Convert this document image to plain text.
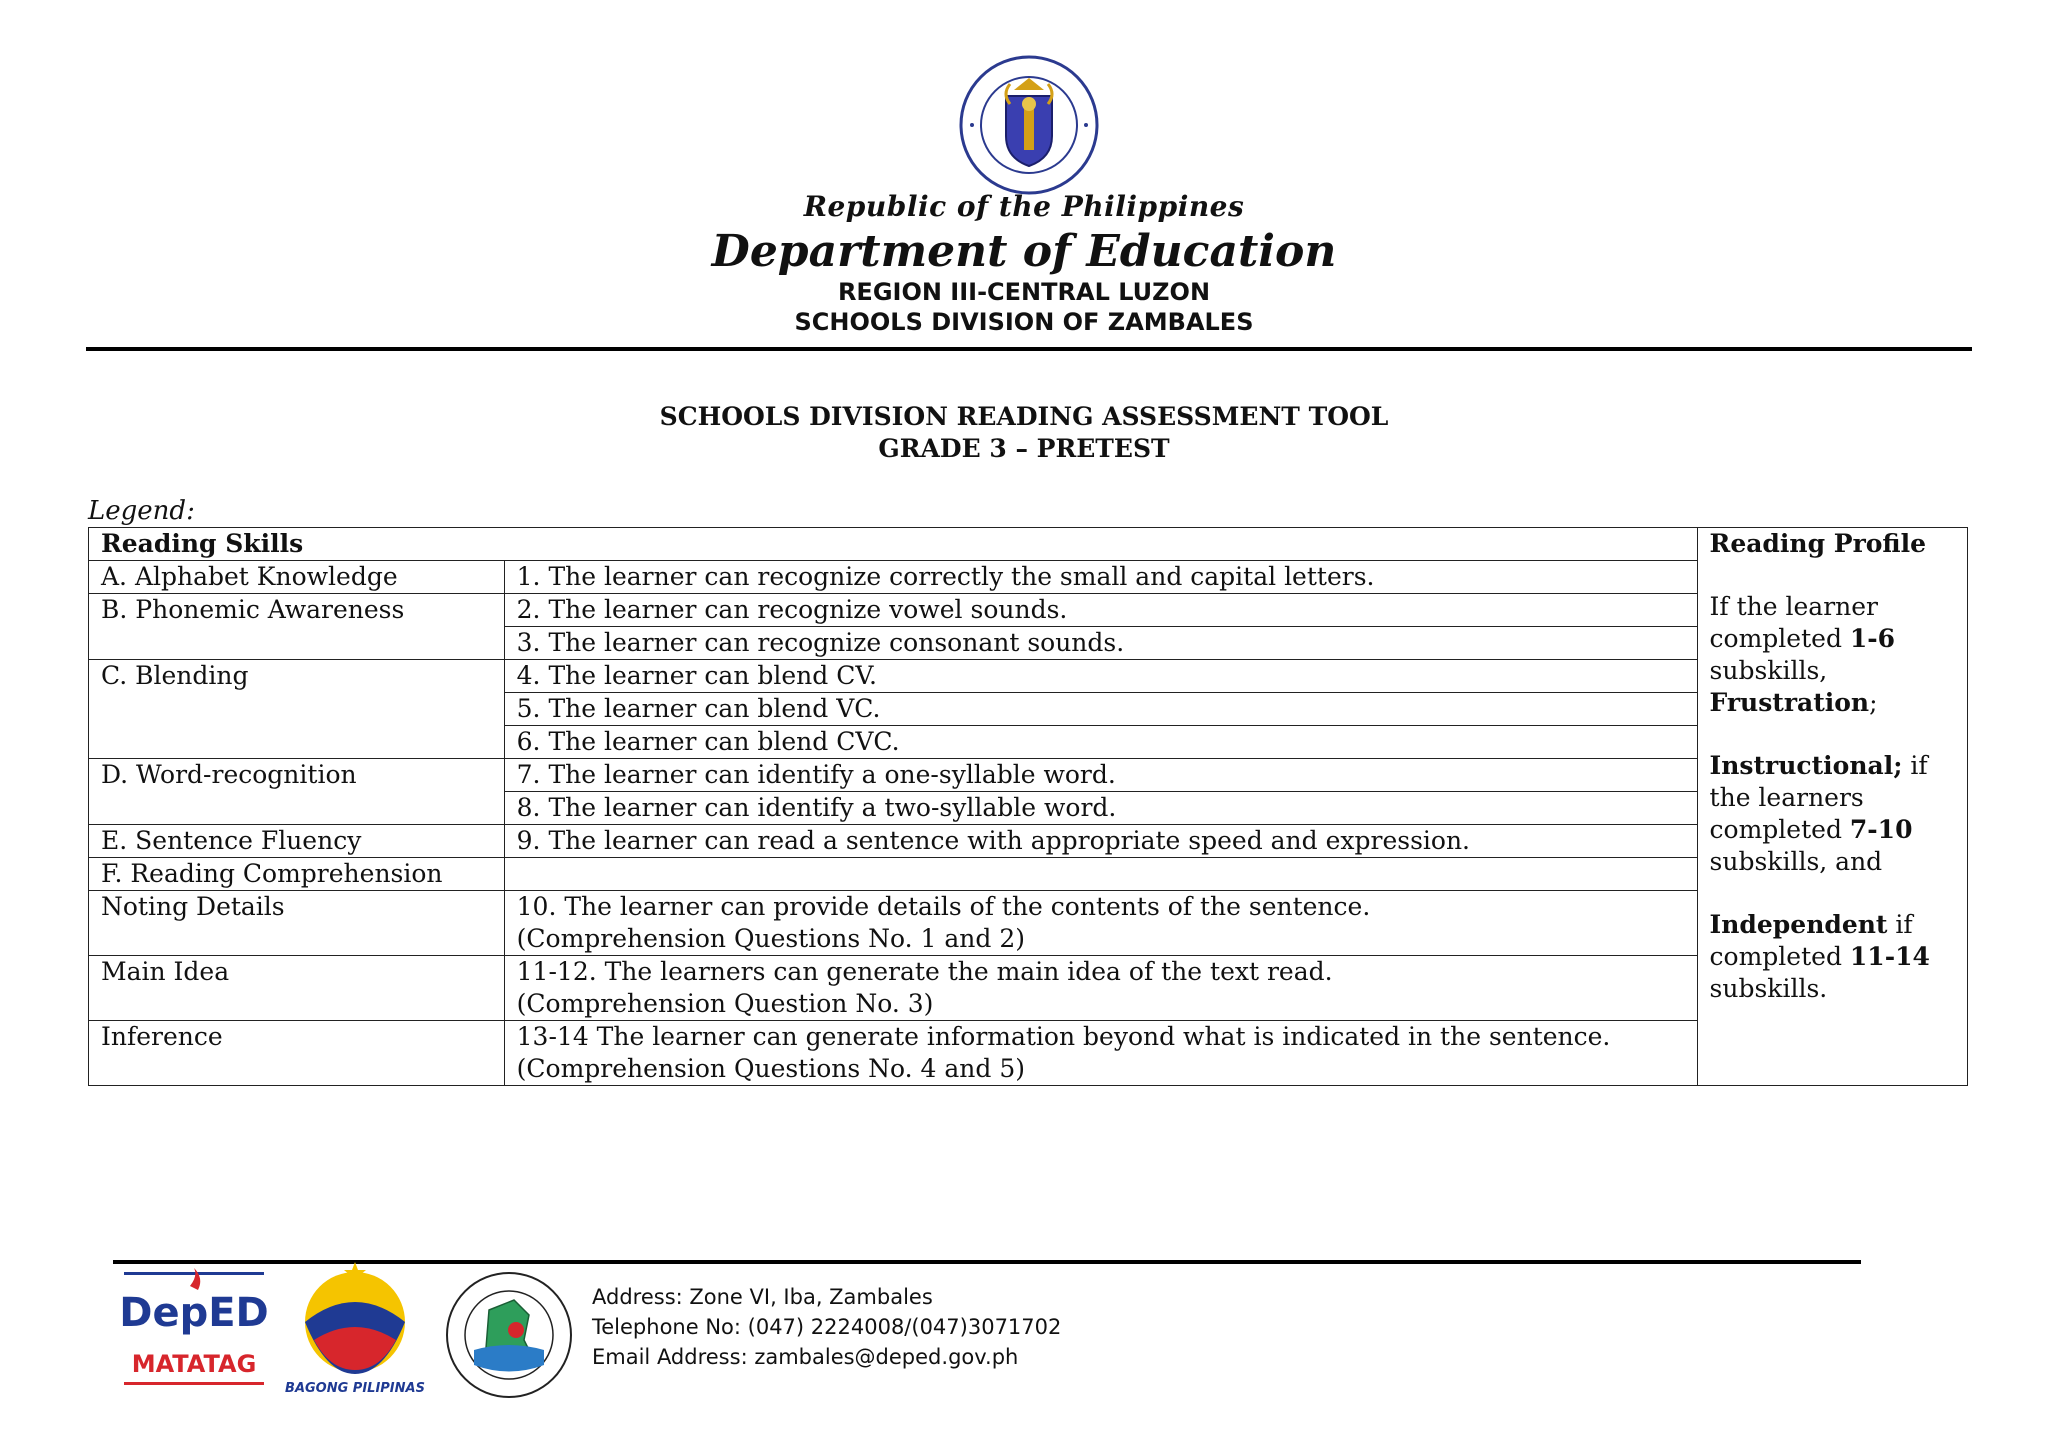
Republic of the Philippines
Department of Education
REGION III-CENTRAL LUZON
SCHOOLS DIVISION OF ZAMBALES
SCHOOLS DIVISION READING ASSESSMENT TOOL
GRADE 3 – PRETEST
Legend:
Reading Skills		Reading Profile
If the learner completed 1-6 subskills,
Frustration;
Instructional; if the learners completed 7-10 subskills, and
Independent if completed 11-14 subskills.

A. Alphabet Knowledge	1. The learner can recognize correctly the small and capital letters.	
B. Phonemic Awareness	2. The learner can recognize vowel sounds.	
	3. The learner can recognize consonant sounds.	
C. Blending	4. The learner can blend CV.	
	5. The learner can blend VC.	
	6. The learner can blend CVC.	
D. Word-recognition	7. The learner can identify a one-syllable word.	
	8. The learner can identify a two-syllable word.	
E. Sentence Fluency	9. The learner can read a sentence with appropriate speed and expression.	
F. Reading Comprehension		
Noting Details	10. The learner can provide details of the contents of the sentence.
(Comprehension Questions No. 1 and 2)	

Main Idea	11-12. The learners can generate the main idea of the text read.
(Comprehension Question No. 3)	

Inference	13-14 The learner can generate information beyond what is indicated in the sentence.
(Comprehension Questions No. 4 and 5)	
DepED
MATATAG
BAGONG PILIPINAS
Address: Zone VI, Iba, Zambales
Telephone No: (047) 2224008/(047)3071702
Email Address: zambales@deped.gov.ph
